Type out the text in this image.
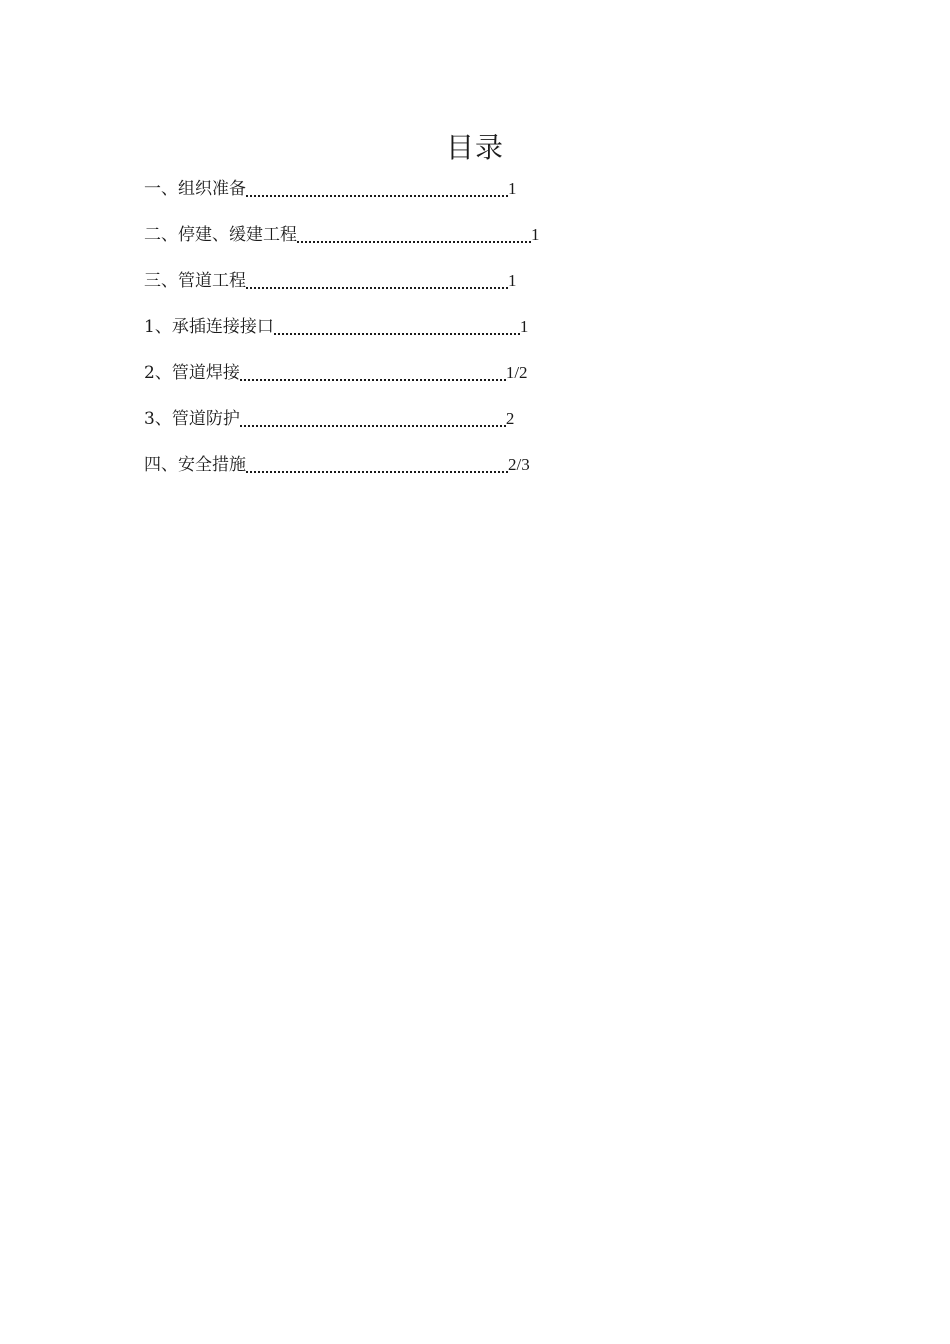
目录
一、组织准备	1
二、停建、缓建工程	1
三、管道工程	1
1、承插连接接口	1
2、管道焊接	1/2
3、管道防护	2
四、安全措施	2/3
